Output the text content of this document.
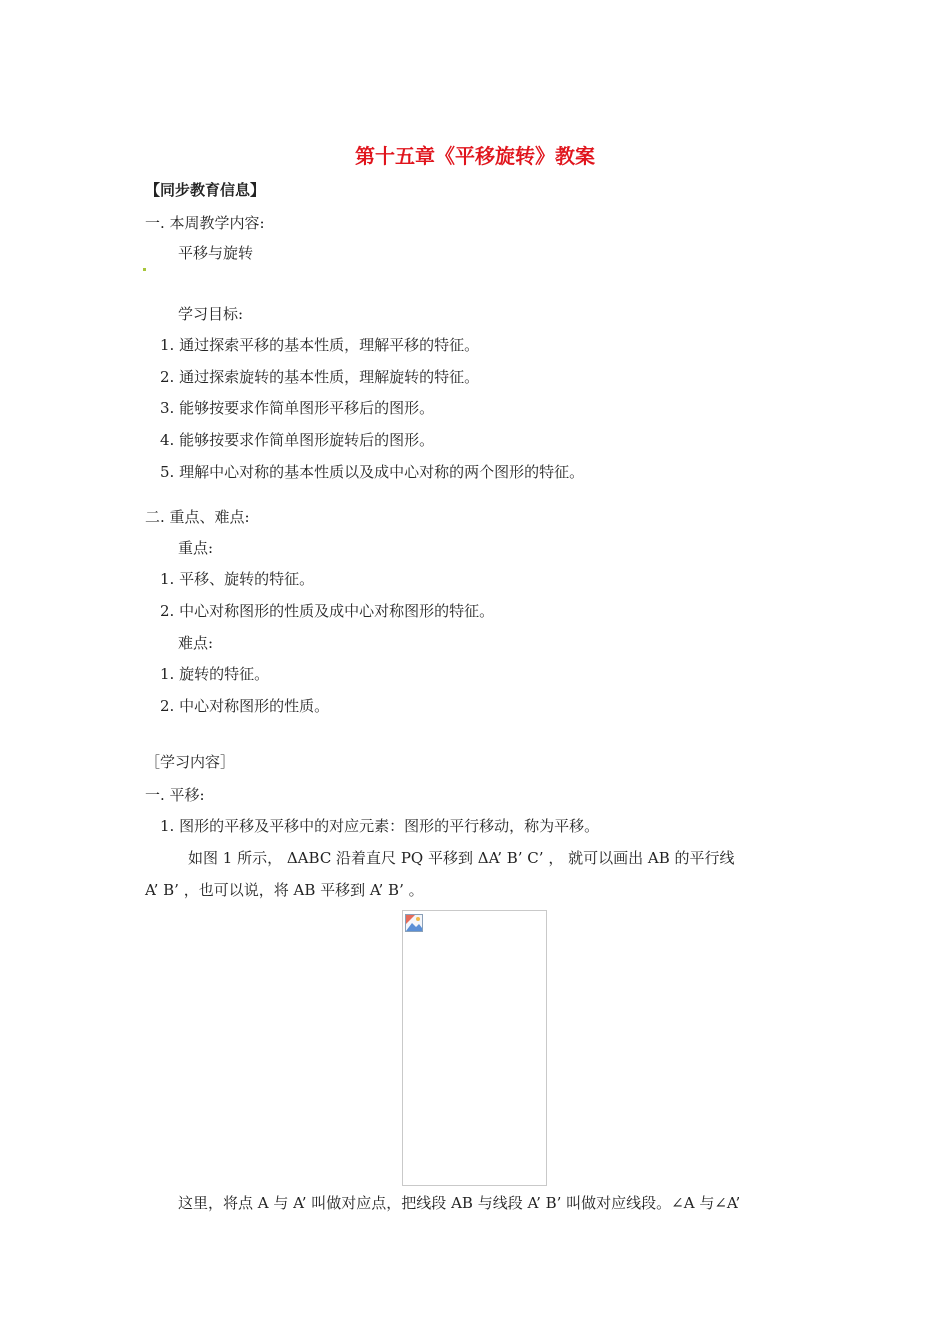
第十五章《平移旋转》教案
【同步教育信息】
一. 本周教学内容:
平移与旋转
学习目标:
1. 通过探索平移的基本性质，理解平移的特征。
2. 通过探索旋转的基本性质，理解旋转的特征。
3. 能够按要求作简单图形平移后的图形。
4. 能够按要求作简单图形旋转后的图形。
5. 理解中心对称的基本性质以及成中心对称的两个图形的特征。
二. 重点、难点:
重点:
1. 平移、旋转的特征。
2. 中心对称图形的性质及成中心对称图形的特征。
难点:
1. 旋转的特征。
2. 中心对称图形的性质。
［学习内容］
一. 平移:
1. 图形的平移及平移中的对应元素：图形的平行移动，称为平移。
如图 1 所示， ΔABC 沿着直尺 PQ 平移到 ΔA’ B’ C’ ， 就可以画出 AB 的平行线
A’ B’ ，也可以说，将 AB 平移到 A’ B’ 。
这里，将点 A 与 A’ 叫做对应点，把线段 AB 与线段 A’ B’ 叫做对应线段。∠A 与∠A’
